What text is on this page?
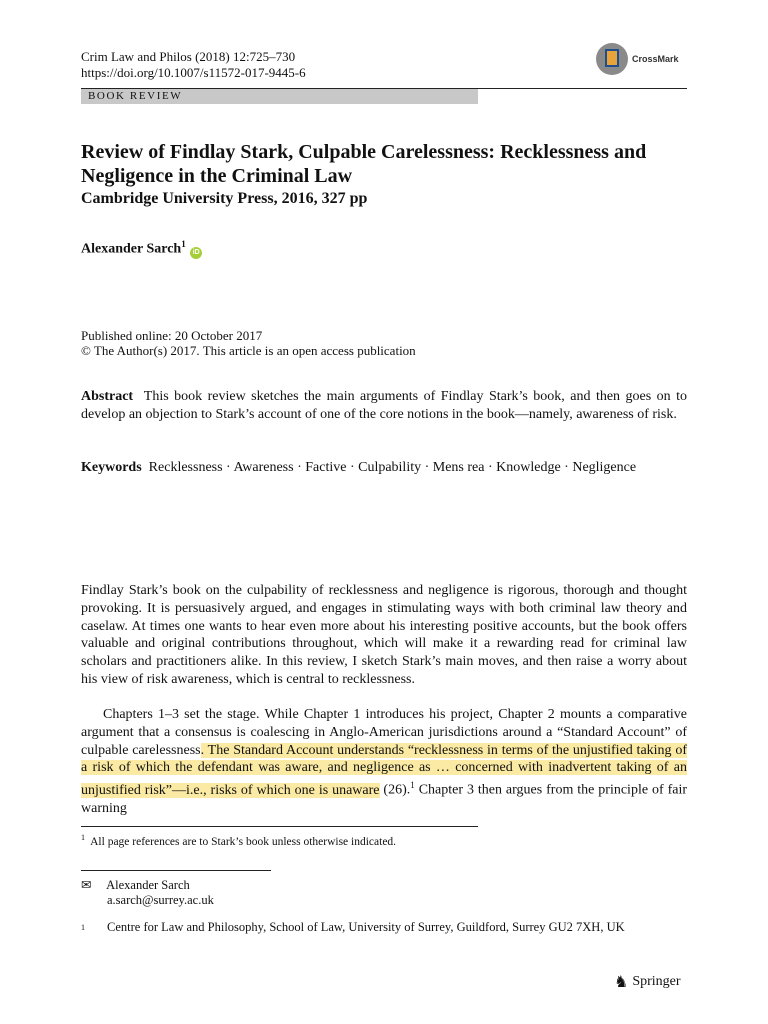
Crim Law and Philos (2018) 12:725–730
https://doi.org/10.1007/s11572-017-9445-6
CrossMark
BOOK REVIEW
Review of Findlay Stark, Culpable Carelessness: Recklessness and Negligence in the Criminal Law
Cambridge University Press, 2016, 327 pp
Alexander Sarch$^1$ iD
Published online: 20 October 2017
© The Author(s) 2017. This article is an open access publication
Abstract This book review sketches the main arguments of Findlay Stark’s book, and then goes on to develop an objection to Stark’s account of one of the core notions in the book—namely, awareness of risk.
Keywords Recklessness · Awareness · Factive · Culpability · Mens rea · Knowledge · Negligence
Findlay Stark’s book on the culpability of recklessness and negligence is rigorous, thorough and thought provoking. It is persuasively argued, and engages in stimulating ways with both criminal law theory and caselaw. At times one wants to hear even more about his interesting positive accounts, but the book offers valuable and original contributions throughout, which will make it a rewarding read for criminal law scholars and practitioners alike. In this review, I sketch Stark’s main moves, and then raise a worry about his view of risk awareness, which is central to recklessness.
Chapters 1–3 set the stage. While Chapter 1 introduces his project, Chapter 2 mounts a comparative argument that a consensus is coalescing in Anglo-American jurisdictions around a “Standard Account” of culpable carelessness. The Standard Account understands “recklessness in terms of the unjustified taking of a risk of which the defendant was aware, and negligence as … concerned with inadvertent taking of an unjustified risk”—i.e., risks of which one is unaware (26).$^1$ Chapter 3 then argues from the principle of fair warning
$^1$ All page references are to Stark’s book unless otherwise indicated.
✉ Alexander Sarch
a.sarch@surrey.ac.uk
1	Centre for Law and Philosophy, School of Law, University of Surrey, Guildford, Surrey GU2 7XH, UK
♞ Springer
